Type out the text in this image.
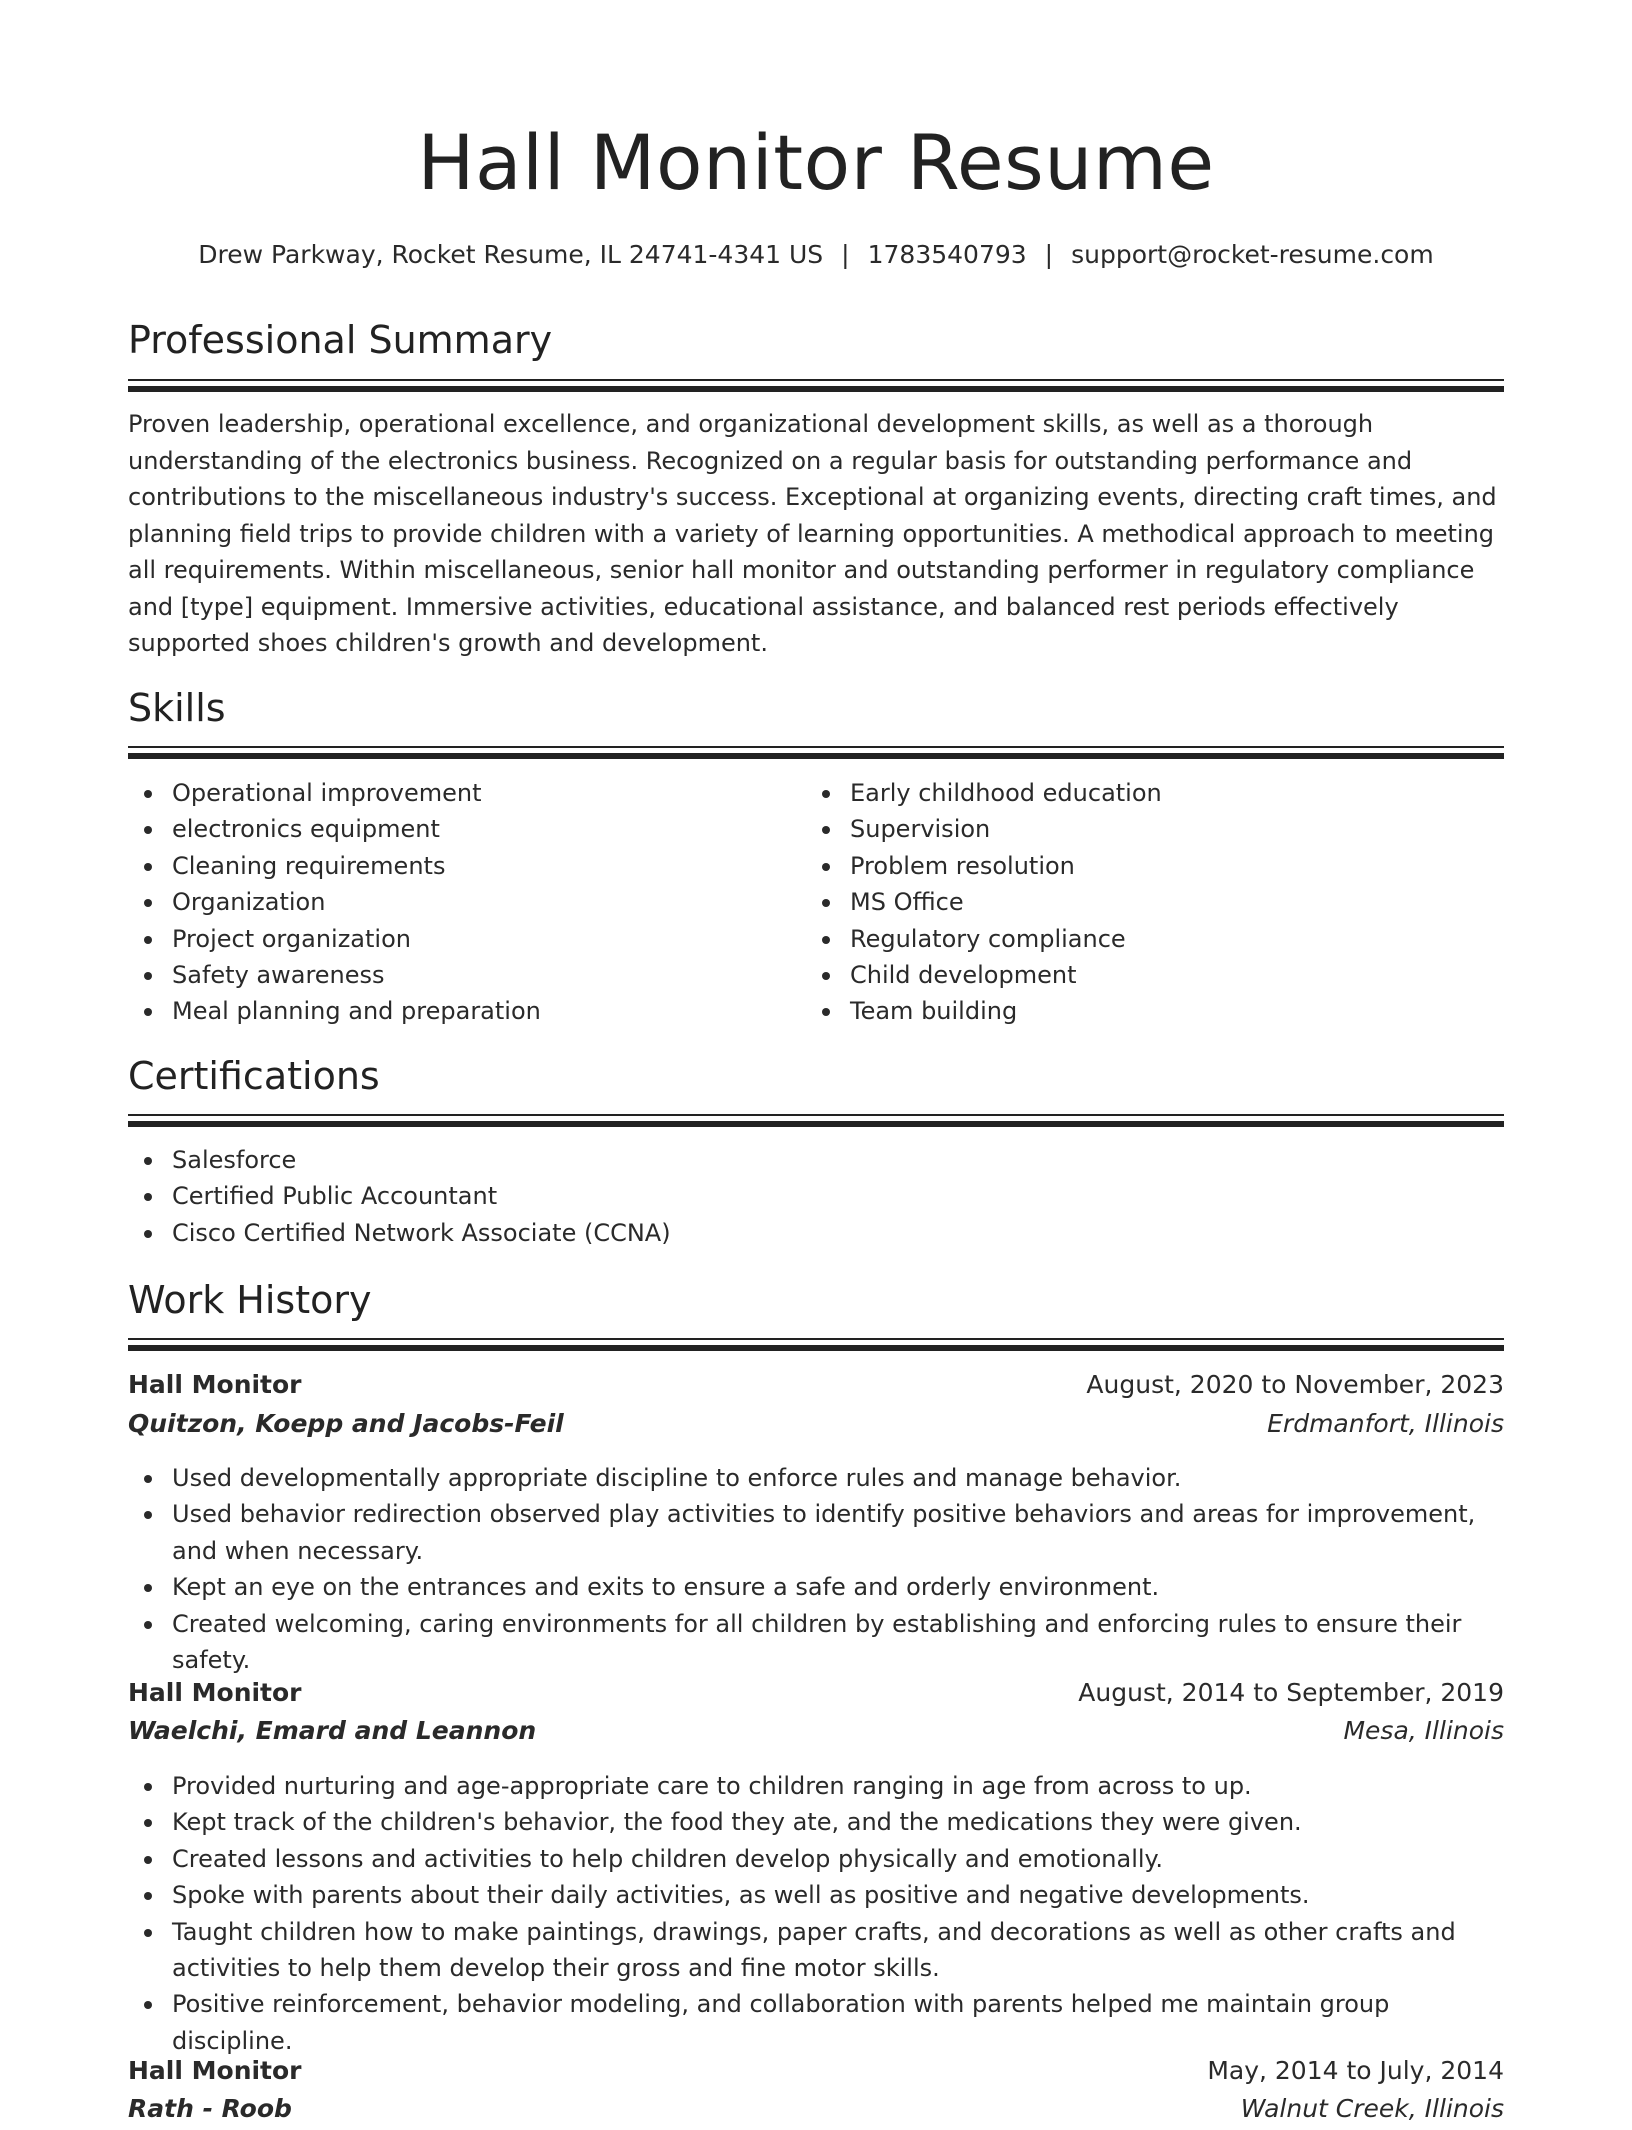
Hall Monitor Resume
Drew Parkway, Rocket Resume, IL 24741-4341 US | 1783540793 | support@rocket-resume.com
Professional Summary

Proven leadership, operational excellence, and organizational development skills, as well as a thorough understanding of the electronics business. Recognized on a regular basis for outstanding performance and contributions to the miscellaneous industry's success. Exceptional at organizing events, directing craft times, and planning field trips to provide children with a variety of learning opportunities. A methodical approach to meeting all requirements. Within miscellaneous, senior hall monitor and outstanding performer in regulatory compliance and [type] equipment. Immersive activities, educational assistance, and balanced rest periods effectively supported shoes children's growth and development.

Skills
Operational improvement
electronics equipment
Cleaning requirements
Organization
Project organization
Safety awareness
Meal planning and preparation
Early childhood education
Supervision
Problem resolution
MS Office
Regulatory compliance
Child development
Team building
Certifications
Salesforce
Certified Public Accountant
Cisco Certified Network Associate (CCNA)
Work History
Hall Monitor	August, 2020 to November, 2023
Quitzon, Koepp and Jacobs-Feil	Erdmanfort, Illinois
Used developmentally appropriate discipline to enforce rules and manage behavior.
Used behavior redirection observed play activities to identify positive behaviors and areas for improvement, and when necessary.
Kept an eye on the entrances and exits to ensure a safe and orderly environment.
Created welcoming, caring environments for all children by establishing and enforcing rules to ensure their safety.
Hall Monitor	August, 2014 to September, 2019
Waelchi, Emard and Leannon	Mesa, Illinois
Provided nurturing and age-appropriate care to children ranging in age from across to up.
Kept track of the children's behavior, the food they ate, and the medications they were given.
Created lessons and activities to help children develop physically and emotionally.
Spoke with parents about their daily activities, as well as positive and negative developments.
Taught children how to make paintings, drawings, paper crafts, and decorations as well as other crafts and activities to help them develop their gross and fine motor skills.
Positive reinforcement, behavior modeling, and collaboration with parents helped me maintain group discipline.
Hall Monitor	May, 2014 to July, 2014
Rath - Roob	Walnut Creek, Illinois
